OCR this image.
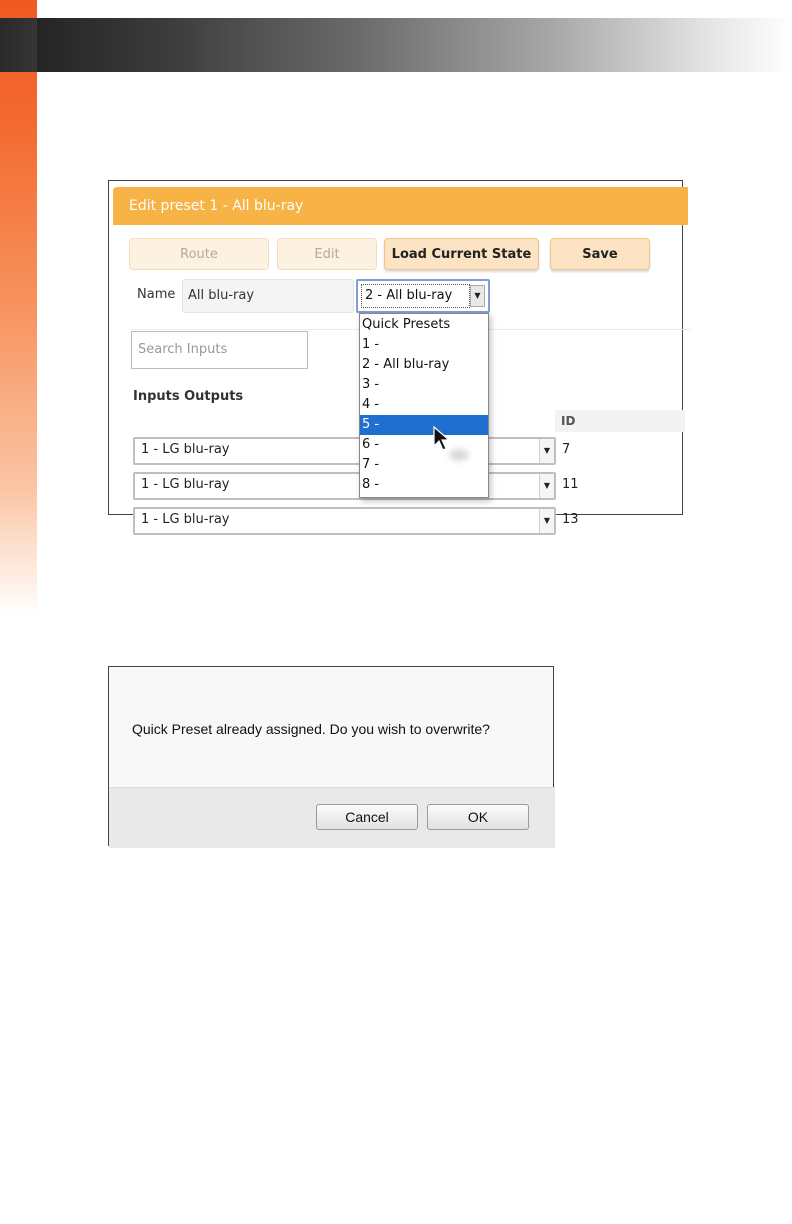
Edit preset 1 - All blu-ray
Route	Edit	Load Current State	Save
Name All blu-ray	2 - All blu-ray	▼
Search Inputs
Inputs Outputs
ID
1 - LG blu-ray	▼ 7
1 - LG blu-ray	▼ 11
1 - LG blu-ray	▼ 13
Quick Presets
1 -
2 - All blu-ray
3 -
4 -
5 -
6 -
7 -
8 -
Quick Preset already assigned. Do you wish to overwrite?
Cancel	OK
